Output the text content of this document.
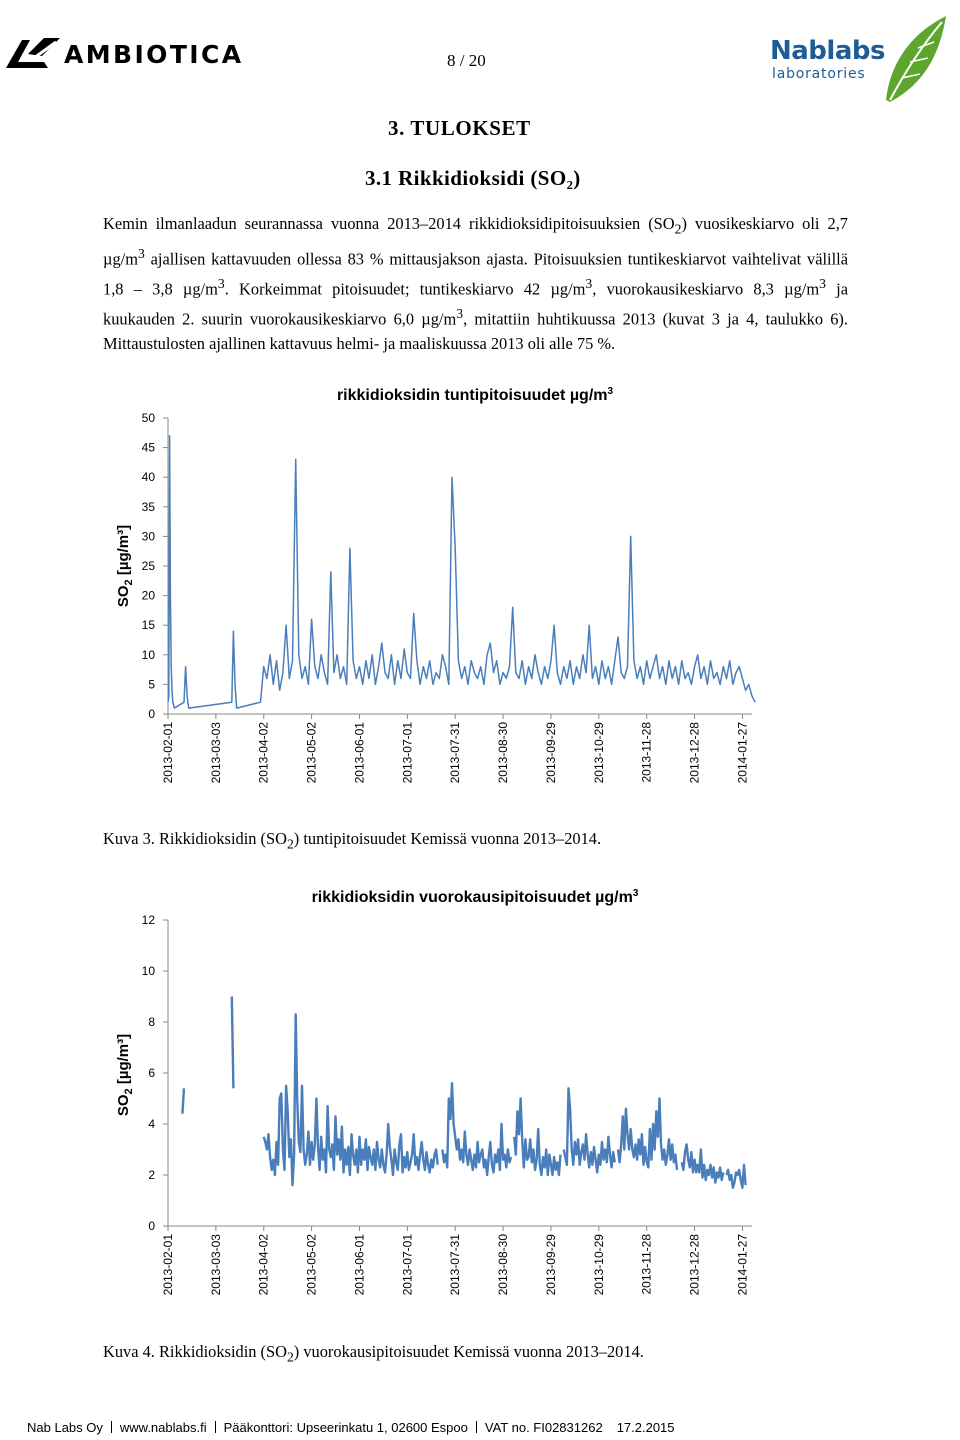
AMBIOTICA	8 / 20	Nablabs
laboratories
3. TULOKSET
3.1 Rikkidioksidi (SO₂)
Kemin ilmanlaadun seurannassa vuonna 2013–2014 rikkidioksidipitoisuuksien $(SO_2)$ vuosikeskiarvo oli 2,7 $\mu g/m^3$ ajallisen kattavuuden ollessa 83 % mittausjakson ajasta. Pitoisuuksien tuntikeskiarvot vaihtelivat välillä 1,8 – 3,8 $\mu g/m^3$. Korkeimmat pitoisuudet; tuntikeskiarvo 42 $\mu g/m^3$, vuorokausikeskiarvo 8,3 $\mu g/m^3$ ja kuukauden 2. suurin vuorokausikeskiarvo 6,0 $\mu g/m^3$, mitattiin huhtikuussa 2013 (kuvat 3 ja 4, taulukko 6). Mittaustulosten ajallinen kattavuus helmi- ja maaliskuussa 2013 oli alle 75 %.
0
5
10
15
20
25
30
35
40
45
50
2013-02-01	2013-03-03	2013-04-02	2013-05-02	2013-06-01	2013-07-01	2013-07-31	2013-08-30	2013-09-29	2013-10-29	2013-11-28	2013-12-28	2014-01-27
rikkidioksidin tuntipitoisuudet $\mu g/m^3$
$SO_2$ [µg/m³]
Kuva 3. Rikkidioksidin $(SO_2)$ tuntipitoisuudet Kemissä vuonna 2013–2014.
0
2
4
6
8
10
12
2013-02-01	2013-03-03	2013-04-02	2013-05-02	2013-06-01	2013-07-01	2013-07-31	2013-08-30	2013-09-29	2013-10-29	2013-11-28	2013-12-28	2014-01-27
rikkidioksidin vuorokausipitoisuudet $\mu g/m^3$
$SO_2$ [µg/m³]
Kuva 4. Rikkidioksidin $(SO_2)$ vuorokausipitoisuudet Kemissä vuonna 2013–2014.
Nab Labs Oy www.nablabs.fi Pääkonttori: Upseerinkatu 1, 02600 Espoo VAT no. FI02831262 17.2.2015
